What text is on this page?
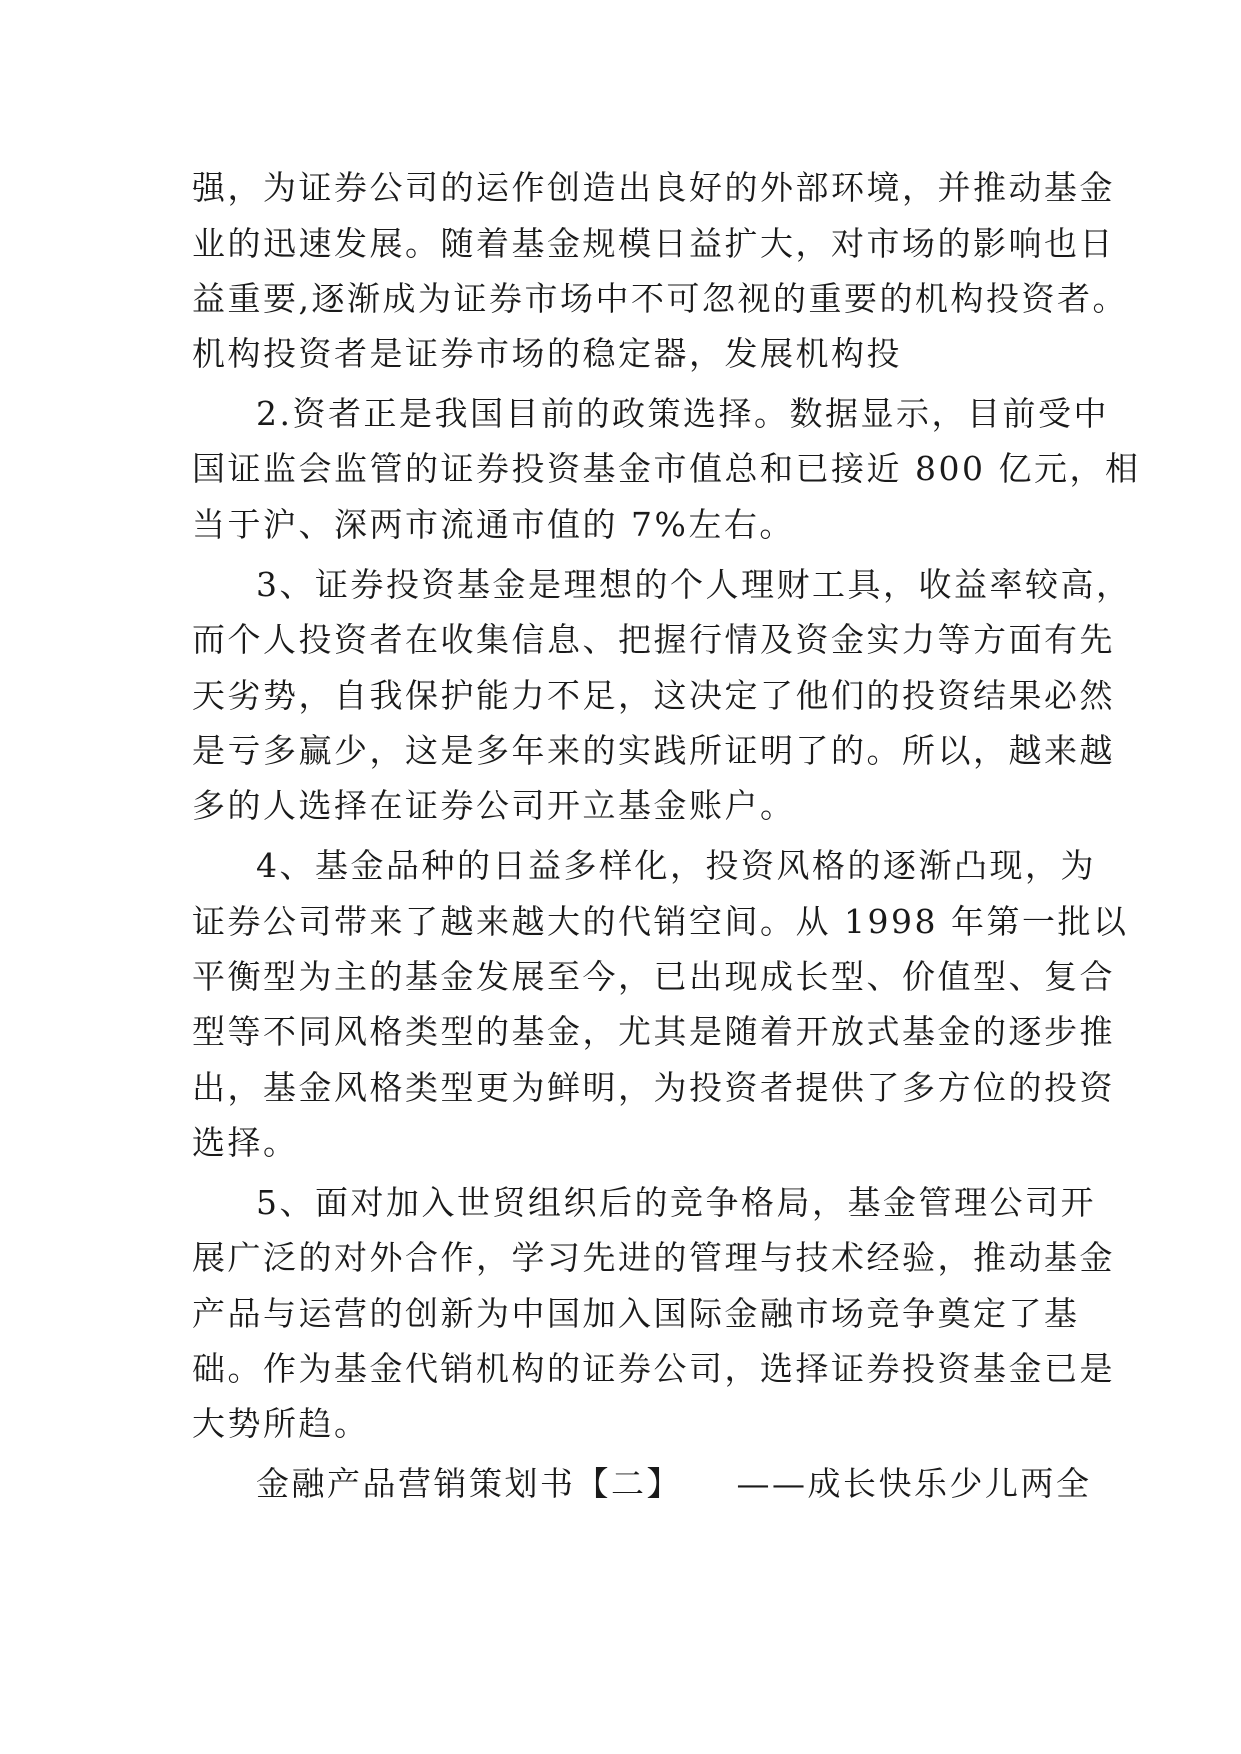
强，为证券公司的运作创造出良好的外部环境，并推动基金

业的迅速发展。随着基金规模日益扩大，对市场的影响也日

益重要,逐渐成为证券市场中不可忽视的重要的机构投资者。

机构投资者是证券市场的稳定器，发展机构投

2.资者正是我国目前的政策选择。数据显示，目前受中

国证监会监管的证券投资基金市值总和已接近 800 亿元，相

当于沪、深两市流通市值的 7%左右。

3、证券投资基金是理想的个人理财工具，收益率较高，

而个人投资者在收集信息、把握行情及资金实力等方面有先

天劣势，自我保护能力不足，这决定了他们的投资结果必然

是亏多赢少，这是多年来的实践所证明了的。所以，越来越

多的人选择在证券公司开立基金账户。

4、基金品种的日益多样化，投资风格的逐渐凸现，为

证券公司带来了越来越大的代销空间。从 1998 年第一批以

平衡型为主的基金发展至今，已出现成长型、价值型、复合

型等不同风格类型的基金，尤其是随着开放式基金的逐步推

出，基金风格类型更为鲜明，为投资者提供了多方位的投资

选择。

5、面对加入世贸组织后的竞争格局，基金管理公司开

展广泛的对外合作，学习先进的管理与技术经验，推动基金

产品与运营的创新为中国加入国际金融市场竞争奠定了基

础。作为基金代销机构的证券公司，选择证券投资基金已是

大势所趋。

金融产品营销策划书【二】　　——成长快乐少儿两全
